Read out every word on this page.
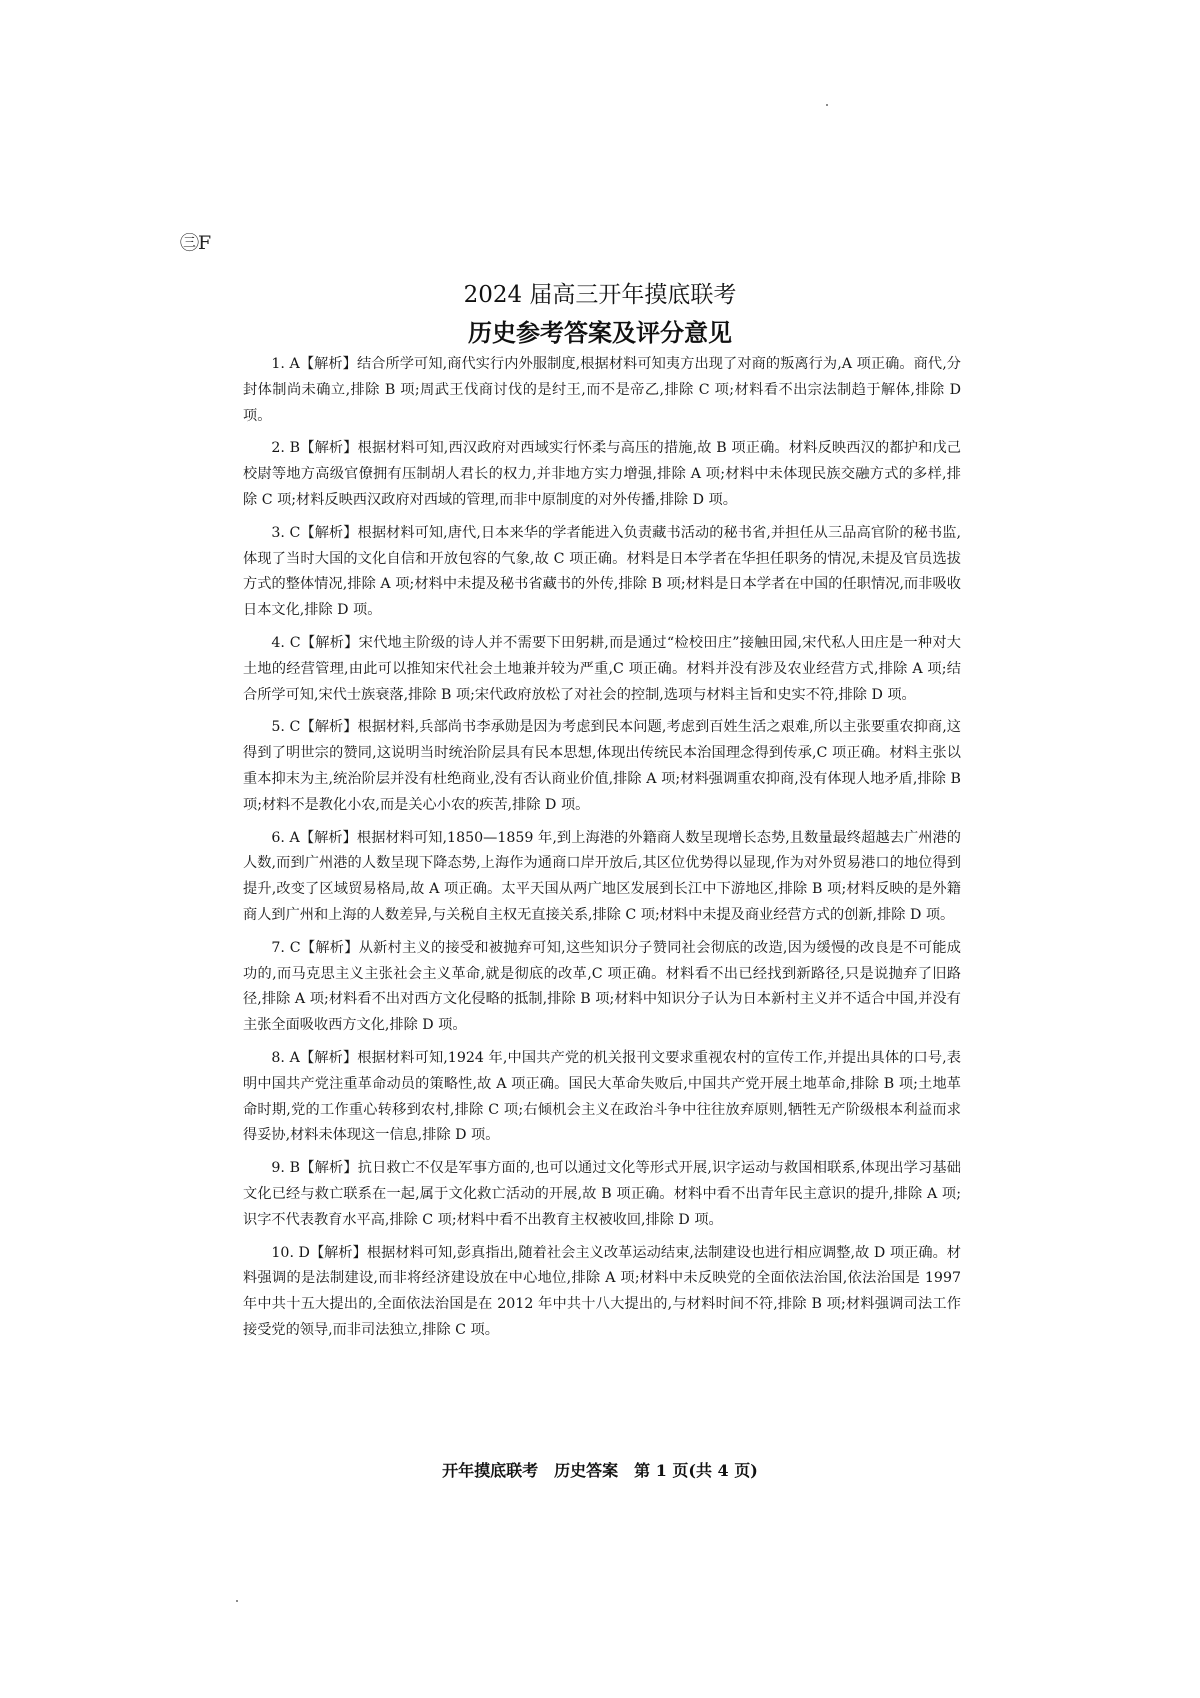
㊂F
2024 届高三开年摸底联考
历史参考答案及评分意见

1. A【解析】结合所学可知,商代实行内外服制度,根据材料可知夷方出现了对商的叛离行为,A 项正确。商代,分封体制尚未确立,排除 B 项;周武王伐商讨伐的是纣王,而不是帝乙,排除 C 项;材料看不出宗法制趋于解体,排除 D 项。

2. B【解析】根据材料可知,西汉政府对西域实行怀柔与高压的措施,故 B 项正确。材料反映西汉的都护和戊己校尉等地方高级官僚拥有压制胡人君长的权力,并非地方实力增强,排除 A 项;材料中未体现民族交融方式的多样,排除 C 项;材料反映西汉政府对西域的管理,而非中原制度的对外传播,排除 D 项。

3. C【解析】根据材料可知,唐代,日本来华的学者能进入负责藏书活动的秘书省,并担任从三品高官阶的秘书监,体现了当时大国的文化自信和开放包容的气象,故 C 项正确。材料是日本学者在华担任职务的情况,未提及官员选拔方式的整体情况,排除 A 项;材料中未提及秘书省藏书的外传,排除 B 项;材料是日本学者在中国的任职情况,而非吸收日本文化,排除 D 项。

4. C【解析】宋代地主阶级的诗人并不需要下田躬耕,而是通过“检校田庄”接触田园,宋代私人田庄是一种对大土地的经营管理,由此可以推知宋代社会土地兼并较为严重,C 项正确。材料并没有涉及农业经营方式,排除 A 项;结合所学可知,宋代士族衰落,排除 B 项;宋代政府放松了对社会的控制,选项与材料主旨和史实不符,排除 D 项。

5. C【解析】根据材料,兵部尚书李承勋是因为考虑到民本问题,考虑到百姓生活之艰难,所以主张要重农抑商,这得到了明世宗的赞同,这说明当时统治阶层具有民本思想,体现出传统民本治国理念得到传承,C 项正确。材料主张以重本抑末为主,统治阶层并没有杜绝商业,没有否认商业价值,排除 A 项;材料强调重农抑商,没有体现人地矛盾,排除 B 项;材料不是教化小农,而是关心小农的疾苦,排除 D 项。

6. A【解析】根据材料可知,1850—1859 年,到上海港的外籍商人数呈现增长态势,且数量最终超越去广州港的人数,而到广州港的人数呈现下降态势,上海作为通商口岸开放后,其区位优势得以显现,作为对外贸易港口的地位得到提升,改变了区域贸易格局,故 A 项正确。太平天国从两广地区发展到长江中下游地区,排除 B 项;材料反映的是外籍商人到广州和上海的人数差异,与关税自主权无直接关系,排除 C 项;材料中未提及商业经营方式的创新,排除 D 项。

7. C【解析】从新村主义的接受和被抛弃可知,这些知识分子赞同社会彻底的改造,因为缓慢的改良是不可能成功的,而马克思主义主张社会主义革命,就是彻底的改革,C 项正确。材料看不出已经找到新路径,只是说抛弃了旧路径,排除 A 项;材料看不出对西方文化侵略的抵制,排除 B 项;材料中知识分子认为日本新村主义并不适合中国,并没有主张全面吸收西方文化,排除 D 项。

8. A【解析】根据材料可知,1924 年,中国共产党的机关报刊文要求重视农村的宣传工作,并提出具体的口号,表明中国共产党注重革命动员的策略性,故 A 项正确。国民大革命失败后,中国共产党开展土地革命,排除 B 项;土地革命时期,党的工作重心转移到农村,排除 C 项;右倾机会主义在政治斗争中往往放弃原则,牺牲无产阶级根本利益而求得妥协,材料未体现这一信息,排除 D 项。

9. B【解析】抗日救亡不仅是军事方面的,也可以通过文化等形式开展,识字运动与救国相联系,体现出学习基础文化已经与救亡联系在一起,属于文化救亡活动的开展,故 B 项正确。材料中看不出青年民主意识的提升,排除 A 项;识字不代表教育水平高,排除 C 项;材料中看不出教育主权被收回,排除 D 项。

10. D【解析】根据材料可知,彭真指出,随着社会主义改革运动结束,法制建设也进行相应调整,故 D 项正确。材料强调的是法制建设,而非将经济建设放在中心地位,排除 A 项;材料中未反映党的全面依法治国,依法治国是 1997 年中共十五大提出的,全面依法治国是在 2012 年中共十八大提出的,与材料时间不符,排除 B 项;材料强调司法工作接受党的领导,而非司法独立,排除 C 项。

开年摸底联考　历史答案　第 1 页(共 4 页)
